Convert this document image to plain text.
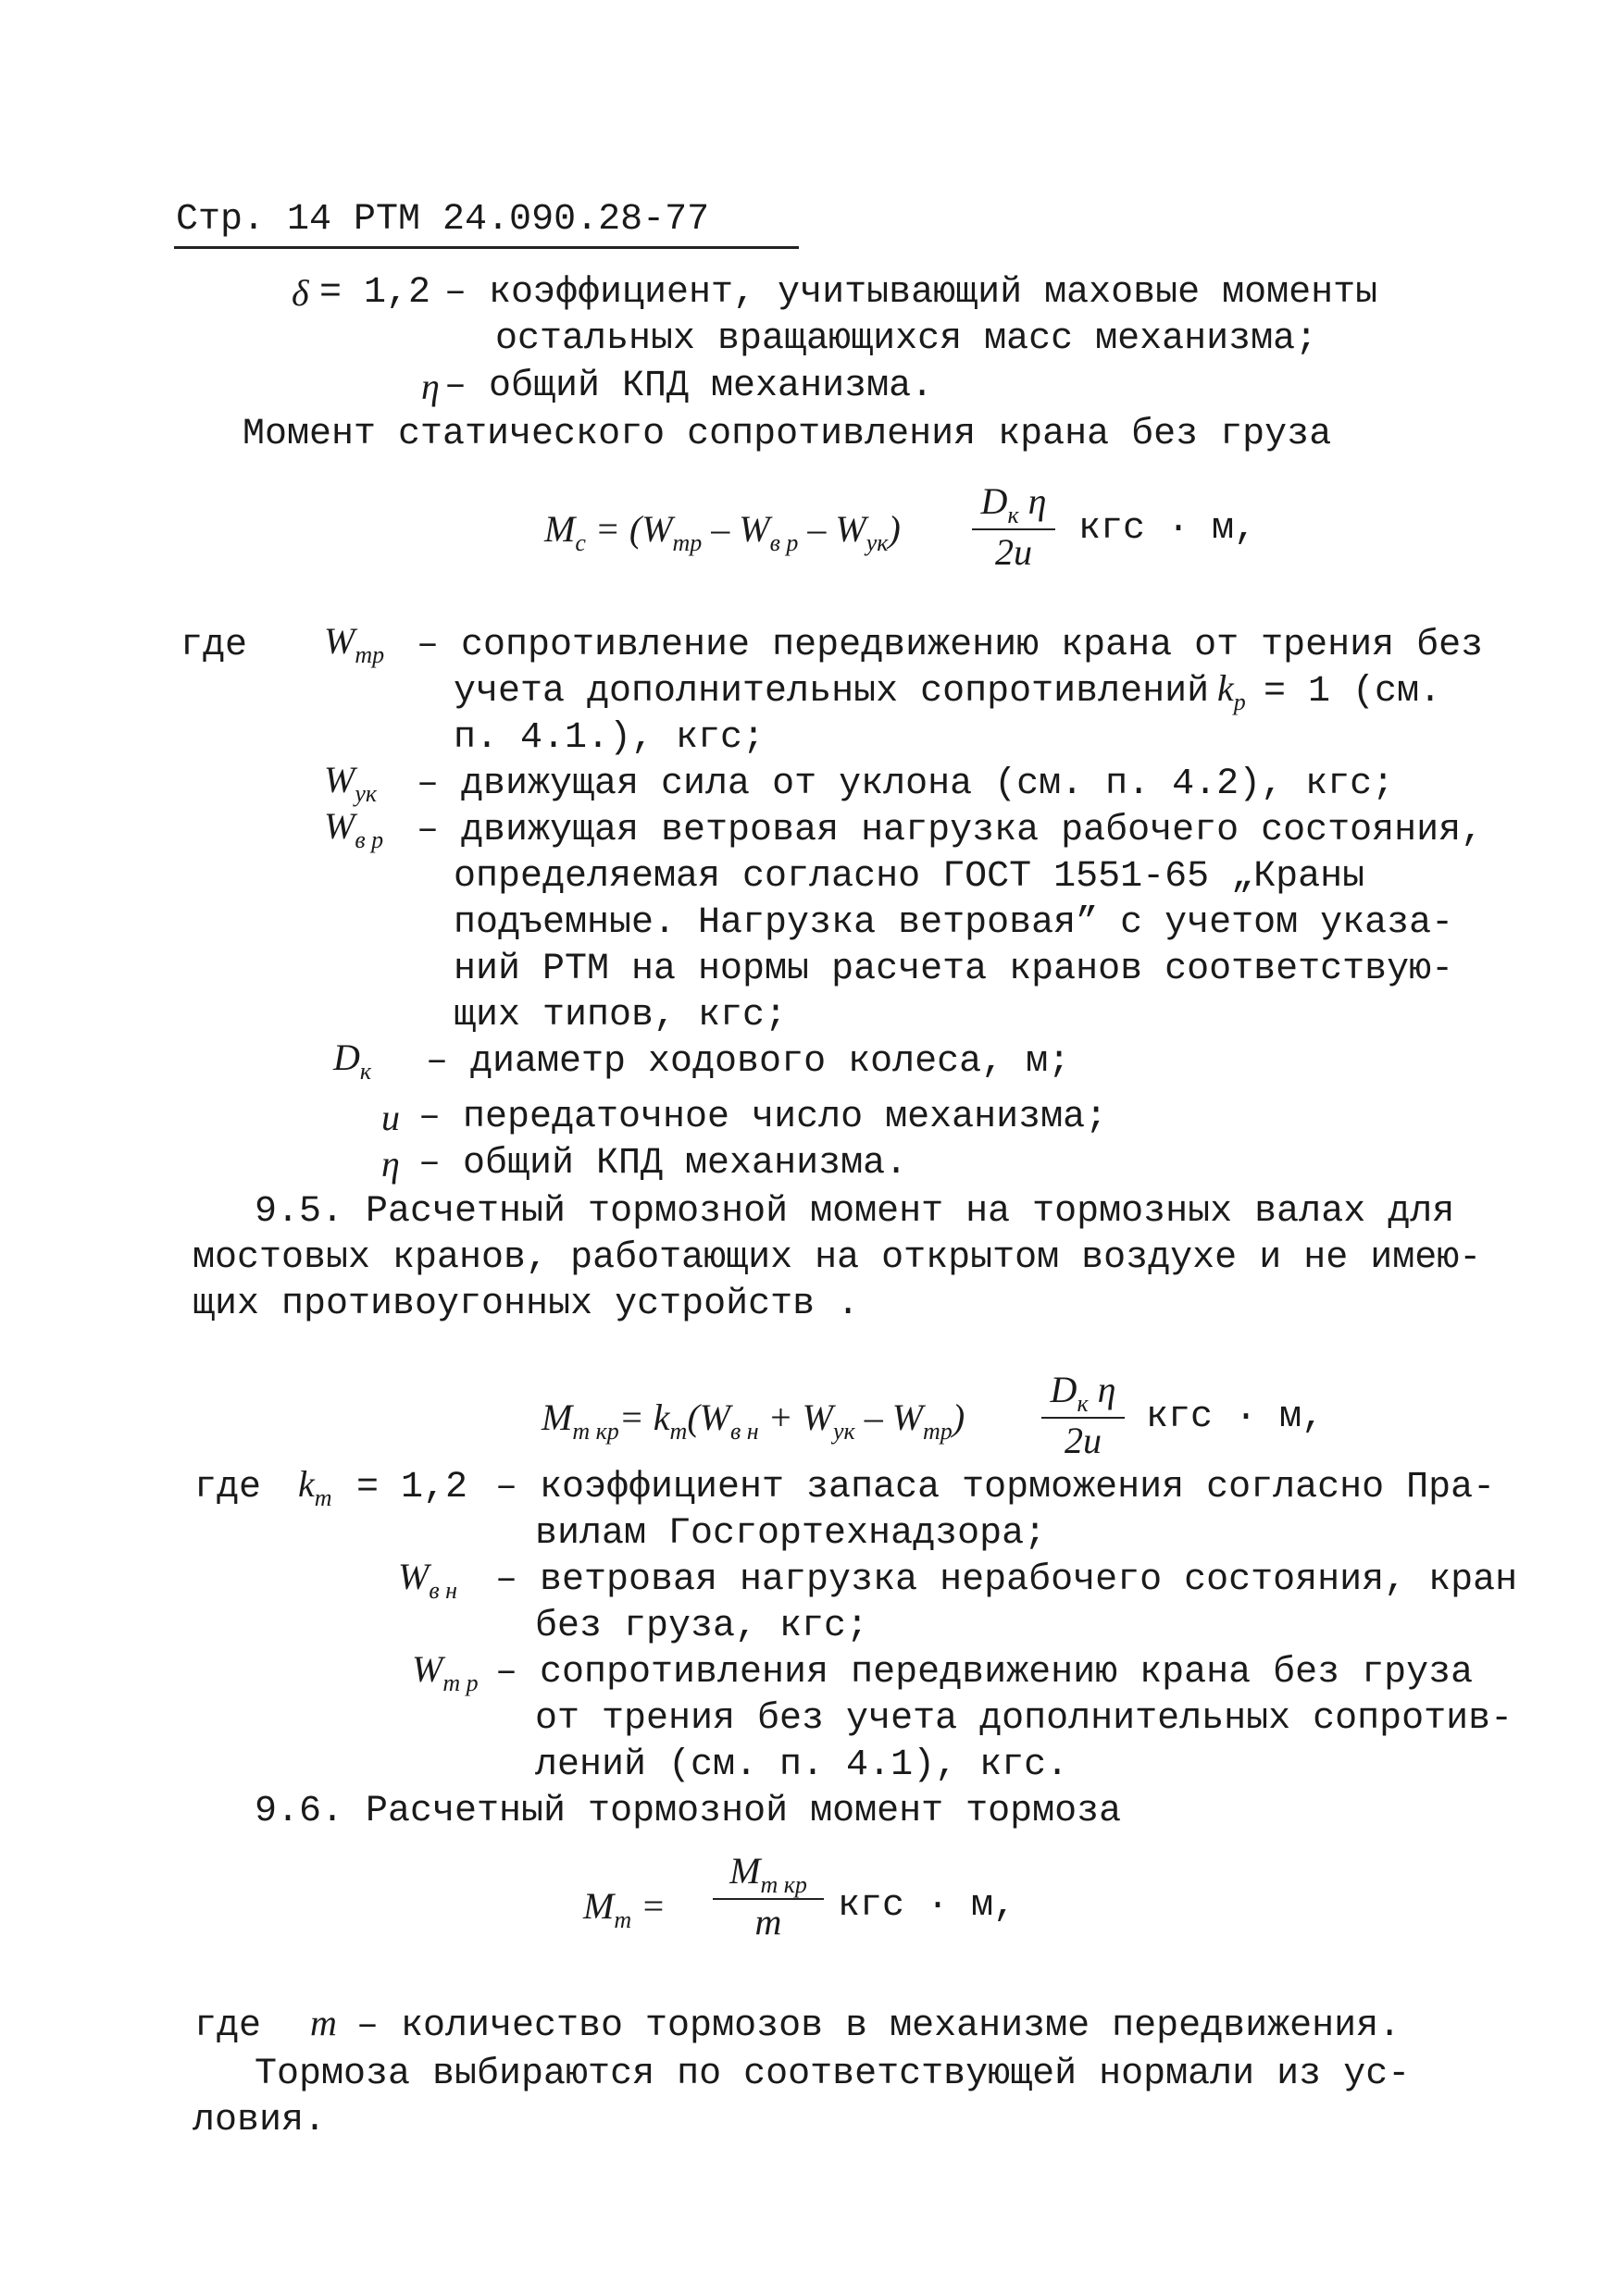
Стр. 14 РТМ 24.090.28-77
δ = 1,2 – коэффициент, учитывающий маховые моменты
остальных вращающихся масс механизма;
η – общий КПД механизма.
Момент статического сопротивления крана без груза
$M_c = (W_{тр} - W_{в р} - W_{ук})$
$D_к$ η
2u
кгс · м,
где $W_{тр}$ – сопротивление передвижению крана от трения без
учета дополнительных сопротивлений $k_р = 1$ (см.
п. 4.1.), кгс;
$W_{ук}$ – движущая сила от уклона (см. п. 4.2), кгс;
$W_{в р}$ – движущая ветровая нагрузка рабочего состояния,
определяемая согласно ГОСТ 1551-65 „Краны
подъемные. Нагрузка ветровая” с учетом указа-
ний РТМ на нормы расчета кранов соответствую-
щих типов, кгс;
$D_к$ – диаметр ходового колеса, м;
u – передаточное число механизма;
η – общий КПД механизма.
9.5. Расчетный тормозной момент на тормозных валах для
мостовых кранов, работающих на открытом воздухе и не имею-
щих противоугонных устройств .
$M_{т кр}= k_т(W_{в н} + W_{ук} - W_{тр})$
$D_к$ η
2u
кгс · м,
где $k_т = 1,2$ – коэффициент запаса торможения согласно Пра-
вилам Госгортехнадзора;
$W_{в н}$ – ветровая нагрузка нерабочего состояния, кран
без груза, кгс;
$W_{т р}$ – сопротивления передвижению крана без груза
от трения без учета дополнительных сопротив-
лений (см. п. 4.1), кгс.
9.6. Расчетный тормозной момент тормоза
$M_т$ =
$M_{т кр}$
m	кгс · м,
где m – количество тормозов в механизме передвижения.
Тормоза выбираются по соответствующей нормали из ус-
ловия.
